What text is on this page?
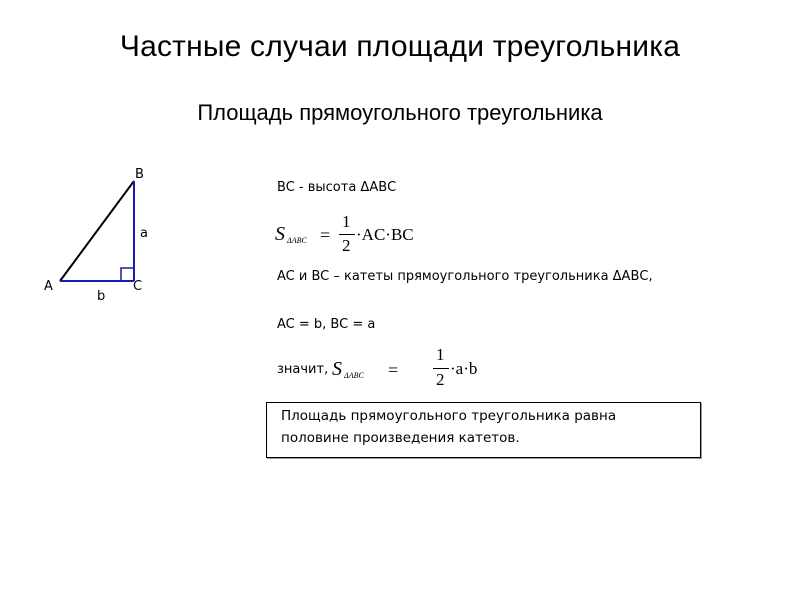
Частные случаи площади треугольника
Площадь прямоугольного треугольника
A
B
C
a
b

BC - высота ΔАВС

S ΔABC =
1
2
·AC·BC

AC и BC – катеты прямоугольного треугольника ΔАВС,

AC = b, BC = a

значит, S ΔABC =
1
2
·a·b
Площадь прямоугольного треугольника равна
половине произведения катетов.
